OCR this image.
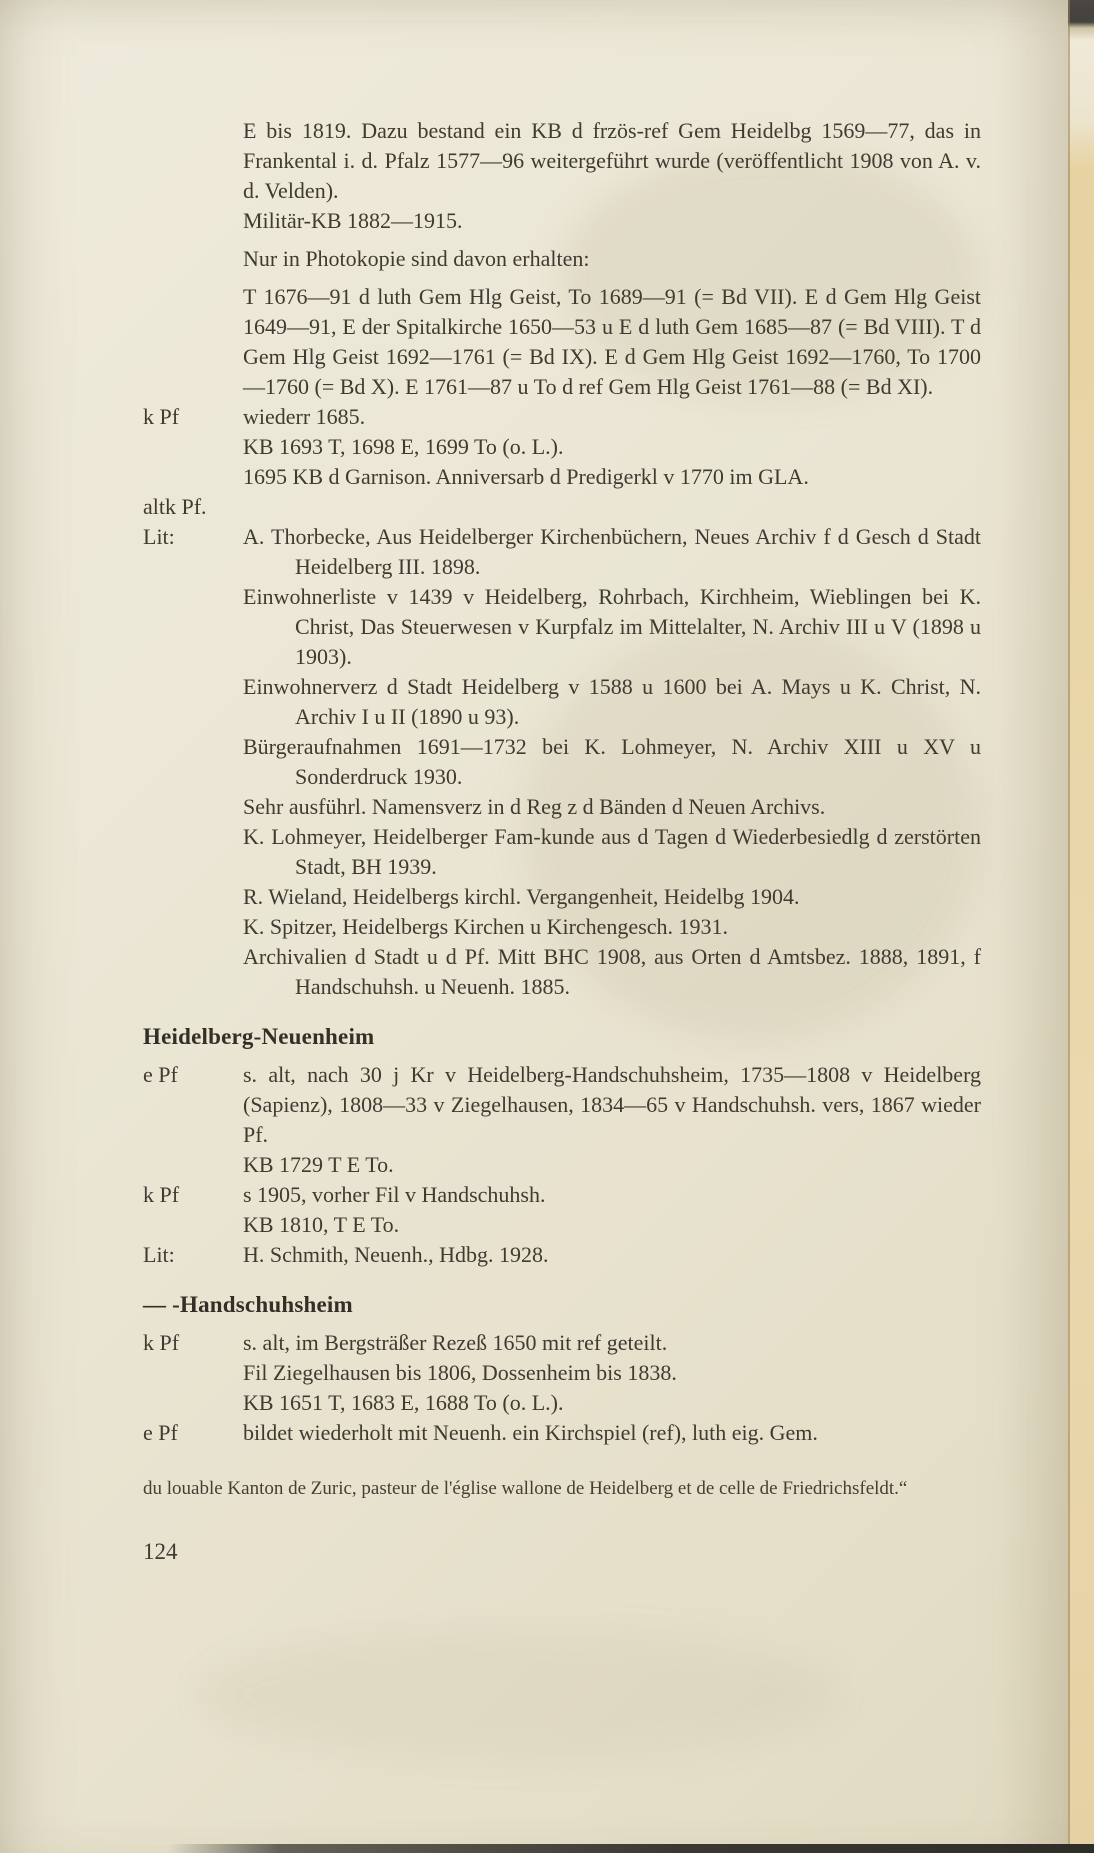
E bis 1819. Dazu bestand ein KB d frzös-ref Gem Heidelbg 1569—77, das in Frankental i. d. Pfalz 1577—96 weitergeführt wurde (veröffentlicht 1908 von A. v. d. Velden).

Militär-KB 1882—1915.

Nur in Photokopie sind davon erhalten:

T 1676—91 d luth Gem Hlg Geist, To 1689—91 (= Bd VII). E d Gem Hlg Geist 1649—91, E der Spitalkirche 1650—53 u E d luth Gem 1685—87 (= Bd VIII). T d Gem Hlg Geist 1692—1761 (= Bd IX). E d Gem Hlg Geist 1692—1760, To 1700—1760 (= Bd X). E 1761—87 u To d ref Gem Hlg Geist 1761—88 (= Bd XI).

k Pf	wiederr 1685.

KB 1693 T, 1698 E, 1699 To (o. L.).

1695 KB d Garnison. Anniversarb d Predigerkl v 1770 im GLA.

altk Pf.
Lit:	A. Thorbecke, Aus Heidelberger Kirchenbüchern, Neues Archiv f d Gesch d Stadt Heidelberg III. 1898.

Einwohnerliste v 1439 v Heidelberg, Rohrbach, Kirchheim, Wieblingen bei K. Christ, Das Steuerwesen v Kurpfalz im Mittelalter, N. Archiv III u V (1898 u 1903).

Einwohnerverz d Stadt Heidelberg v 1588 u 1600 bei A. Mays u K. Christ, N. Archiv I u II (1890 u 93).

Bürgeraufnahmen 1691—1732 bei K. Lohmeyer, N. Archiv XIII u XV u Sonderdruck 1930.

Sehr ausführl. Namensverz in d Reg z d Bänden d Neuen Archivs.

K. Lohmeyer, Heidelberger Fam-kunde aus d Tagen d Wiederbesiedlg d zerstörten Stadt, BH 1939.

R. Wieland, Heidelbergs kirchl. Vergangenheit, Heidelbg 1904.

K. Spitzer, Heidelbergs Kirchen u Kirchengesch. 1931.

Archivalien d Stadt u d Pf. Mitt BHC 1908, aus Orten d Amtsbez. 1888, 1891, f Handschuhsh. u Neuenh. 1885.

Heidelberg-Neuenheim
e Pf	s. alt, nach 30 j Kr v Heidelberg-Handschuhsheim, 1735—1808 v Heidelberg (Sapienz), 1808—33 v Ziegelhausen, 1834—65 v Handschuhsh. vers, 1867 wieder Pf.

KB 1729 T E To.

k Pf	s 1905, vorher Fil v Handschuhsh.

KB 1810, T E To.

Lit:	H. Schmith, Neuenh., Hdbg. 1928.

— -Handschuhsheim
k Pf	s. alt, im Bergsträßer Rezeß 1650 mit ref geteilt.

Fil Ziegelhausen bis 1806, Dossenheim bis 1838.

KB 1651 T, 1683 E, 1688 To (o. L.).

e Pf	bildet wiederholt mit Neuenh. ein Kirchspiel (ref), luth eig. Gem.

du louable Kanton de Zuric, pasteur de l'église wallone de Heidelberg et de celle de Friedrichsfeldt.“

124
